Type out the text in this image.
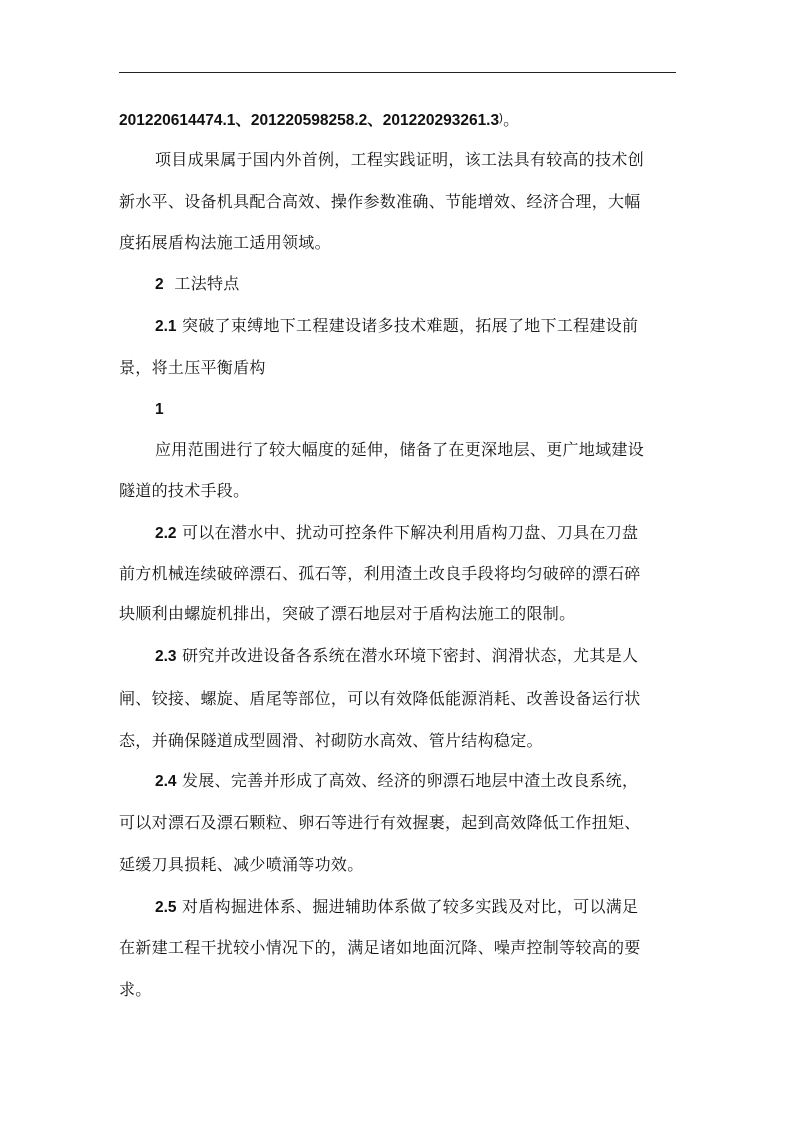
201220614474.1、201220598258.2、201220293261.3)。
项目成果属于国内外首例，工程实践证明，该工法具有较高的技术创
新水平、设备机具配合高效、操作参数准确、节能增效、经济合理，大幅
度拓展盾构法施工适用领域。
2 工法特点
2.1 突破了束缚地下工程建设诸多技术难题，拓展了地下工程建设前
景，将土压平衡盾构
1
应用范围进行了较大幅度的延伸，储备了在更深地层、更广地域建设
隧道的技术手段。
2.2 可以在潜水中、扰动可控条件下解决利用盾构刀盘、刀具在刀盘
前方机械连续破碎漂石、孤石等，利用渣土改良手段将均匀破碎的漂石碎
块顺利由螺旋机排出，突破了漂石地层对于盾构法施工的限制。
2.3 研究并改进设备各系统在潜水环境下密封、润滑状态，尤其是人
闸、铰接、螺旋、盾尾等部位，可以有效降低能源消耗、改善设备运行状
态，并确保隧道成型圆滑、衬砌防水高效、管片结构稳定。
2.4 发展、完善并形成了高效、经济的卵漂石地层中渣土改良系统，
可以对漂石及漂石颗粒、卵石等进行有效握裹，起到高效降低工作扭矩、
延缓刀具损耗、减少喷涌等功效。
2.5 对盾构掘进体系、掘进辅助体系做了较多实践及对比，可以满足
在新建工程干扰较小情况下的，满足诸如地面沉降、噪声控制等较高的要
求。
